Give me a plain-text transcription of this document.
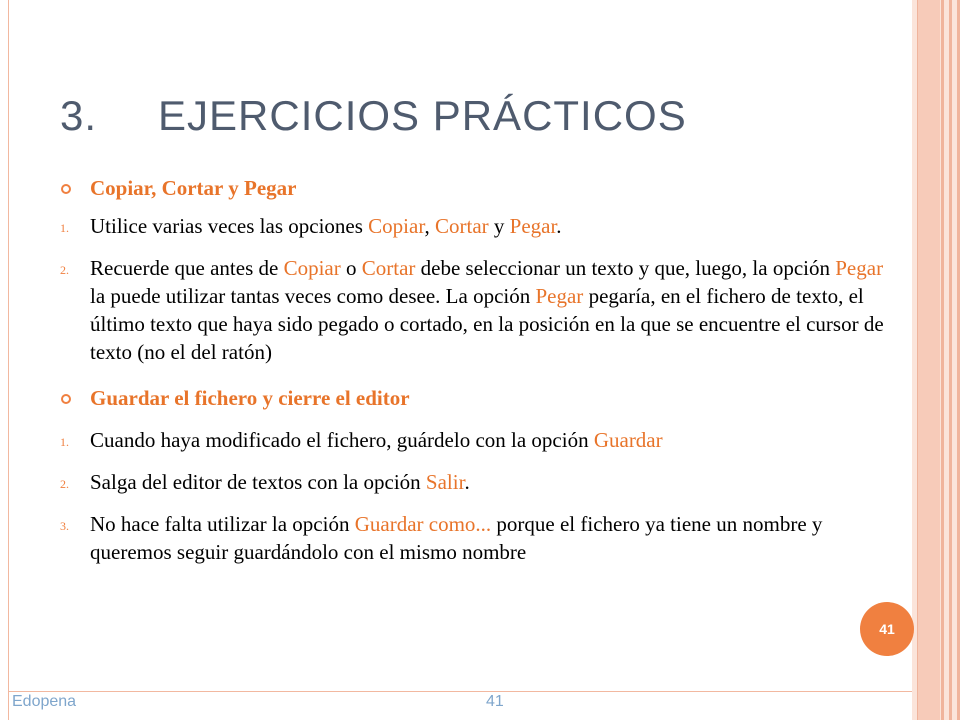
3. EJERCICIOS PRÁCTICOS
Copiar, Cortar y Pegar
1.	Utilice varias veces las opciones Copiar, Cortar y Pegar.
2.	Recuerde que antes de Copiar o Cortar debe seleccionar un texto y que, luego, la opción Pegar la puede utilizar tantas veces como desee. La opción Pegar pegaría, en el fichero de texto, el último texto que haya sido pegado o cortado, en la posición en la que se encuentre el cursor de texto (no el del ratón)
Guardar el fichero y cierre el editor
1.	Cuando haya modificado el fichero, guárdelo con la opción Guardar
2.	Salga del editor de textos con la opción Salir.
3.	No hace falta utilizar la opción Guardar como... porque el fichero ya tiene un nombre y queremos seguir guardándolo con el mismo nombre
41
Edopena	41
